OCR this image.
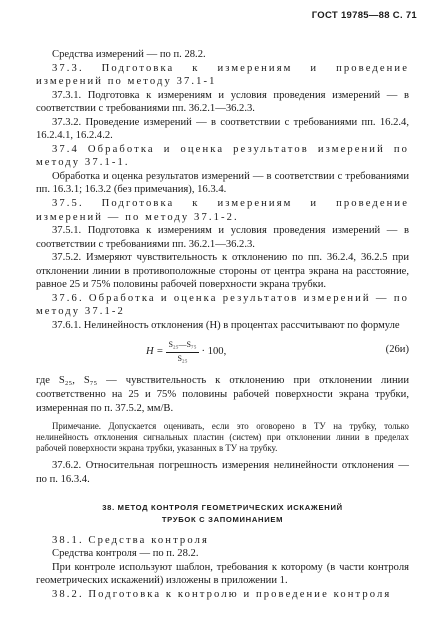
ГОСТ 19785—88 С. 71

Средства измерений — по п. 28.2.

37.3. Подготовка к измерениям и проведение измерений по методу 37.1-1

37.3.1. Подготовка к измерениям и условия проведения измерений — в соответствии с требованиями пп. 36.2.1—36.2.3.

37.3.2. Проведение измерений — в соответствии с требованиями пп. 16.2.4, 16.2.4.1, 16.2.4.2.

37.4 Обработка и оценка результатов измерений по методу 37.1-1.

Обработка и оценка результатов измерений — в соответствии с требованиями пп. 16.3.1; 16.3.2 (без примечания), 16.3.4.

37.5. Подготовка к измерениям и проведение измерений — по методу 37.1-2.

37.5.1. Подготовка к измерениям и условия проведения измерений — в соответствии с требованиями пп. 36.2.1—36.2.3.

37.5.2. Измеряют чувствительность к отклонению по пп. 36.2.4, 36.2.5 при отклонении линии в противоположные стороны от центра экрана на расстояние, равное 25 и 75% половины рабочей поверхности экрана трубки.

37.6. Обработка и оценка результатов измерений — по методу 37.1-2

37.6.1. Нелинейность отклонения (H) в процентах рассчитывают по формуле

$H = \frac{\text{S₂₅—S₇₅}}{\text{S₂₅}} \cdot 100$,	(26и)

где S₂₅, S₇₅ — чувствительность к отклонению при отклонении линии соответственно на 25 и 75% половины рабочей поверхности экрана трубки, измеренная по п. 37.5.2, мм/В.

Примечание. Допускается оценивать, если это оговорено в ТУ на трубку, только нелинейность отклонения сигнальных пластин (систем) при отклонении линии в пределах рабочей поверхности экрана трубки, указанных в ТУ на трубку.

37.6.2. Относительная погрешность измерения нелинейности отклонения — по п. 16.3.4.

38. МЕТОД КОНТРОЛЯ ГЕОМЕТРИЧЕСКИХ ИСКАЖЕНИЙ
ТРУБОК С ЗАПОМИНАНИЕМ

38.1. Средства контроля

Средства контроля — по п. 28.2.

При контроле используют шаблон, требования к которому (в части контроля геометрических искажений) изложены в приложении 1.

38.2. Подготовка к контролю и проведение контроля
